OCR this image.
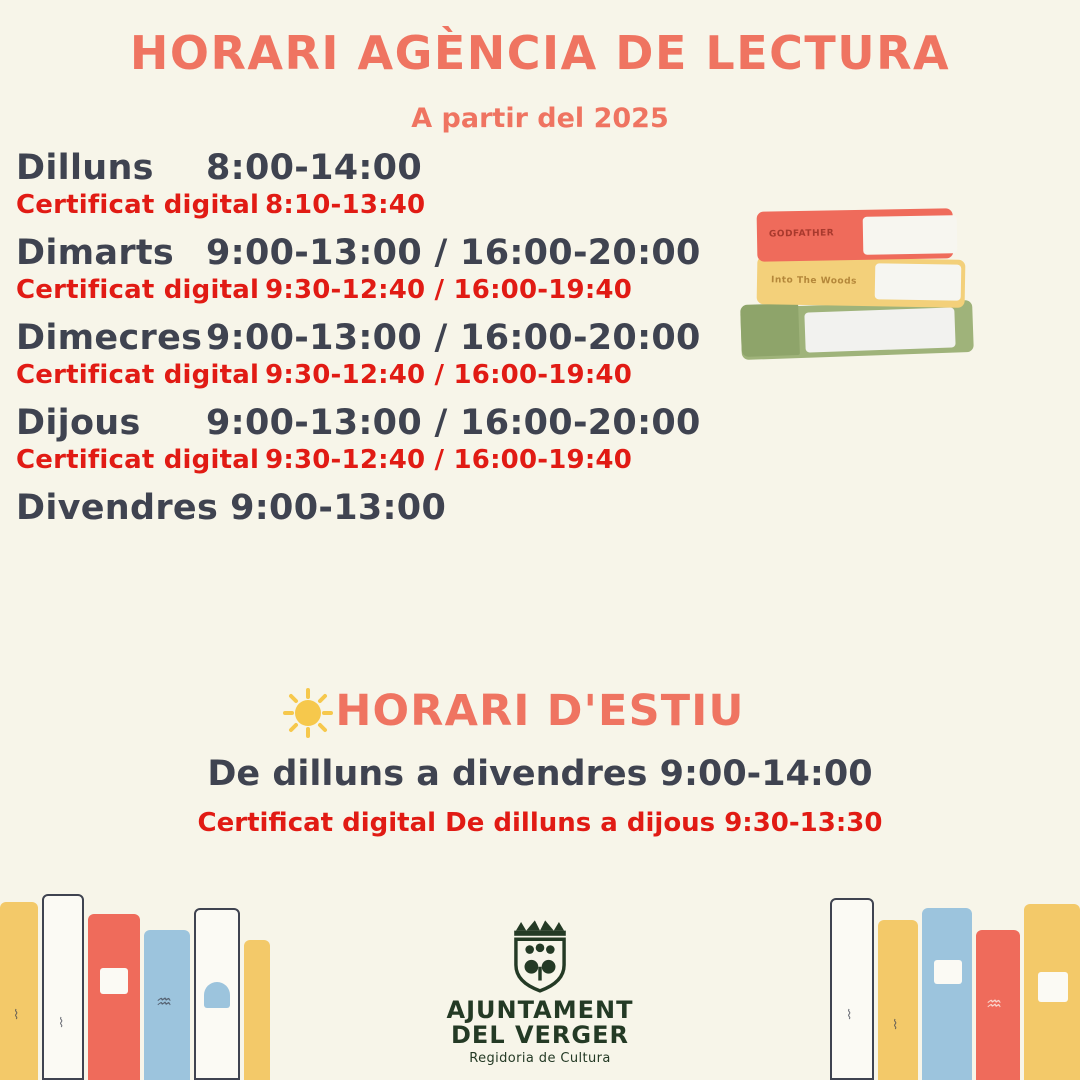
HORARI AGÈNCIA DE LECTURA
A partir del 2025
Into The Woods
GODFATHER
Dilluns	8:00-14:00
Certificat digital 8:10-13:40
Dimarts 9:00-13:00 / 16:00-20:00
Certificat digital 9:30-12:40 / 16:00-19:40
Dimecres 9:00-13:00 / 16:00-20:00
Certificat digital 9:30-12:40 / 16:00-19:40
Dijous	9:00-13:00 / 16:00-20:00
Certificat digital 9:30-12:40 / 16:00-19:40
Divendres 9:00-13:00
HORARI D'ESTIU
De dilluns a divendres 9:00-14:00
Certificat digital De dilluns a dijous 9:30-13:30
⌇
⌇
♒
⌇
⌇
♒
AJUNTAMENT
DEL VERGER
Regidoria de Cultura
